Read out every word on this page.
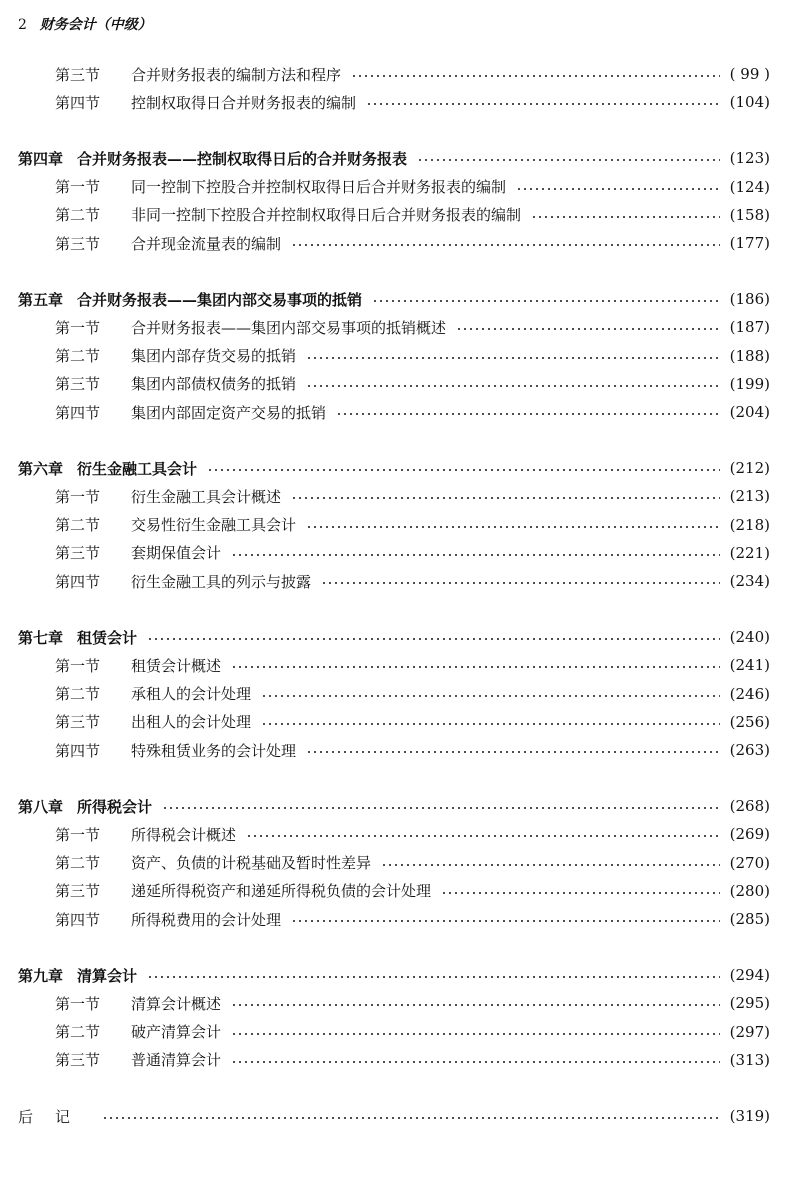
2 财务会计（中级）
第三节	合并财务报表的编制方法和程序	( 99 )
第四节	控制权取得日合并财务报表的编制	(104)
第四章 合并财务报表——控制权取得日后的合并财务报表	(123)
第一节	同一控制下控股合并控制权取得日后合并财务报表的编制	(124)
第二节	非同一控制下控股合并控制权取得日后合并财务报表的编制	(158)
第三节	合并现金流量表的编制	(177)
第五章 合并财务报表——集团内部交易事项的抵销	(186)
第一节	合并财务报表——集团内部交易事项的抵销概述	(187)
第二节	集团内部存货交易的抵销	(188)
第三节	集团内部债权债务的抵销	(199)
第四节	集团内部固定资产交易的抵销	(204)
第六章 衍生金融工具会计	(212)
第一节	衍生金融工具会计概述	(213)
第二节	交易性衍生金融工具会计	(218)
第三节	套期保值会计	(221)
第四节	衍生金融工具的列示与披露	(234)
第七章 租赁会计	(240)
第一节	租赁会计概述	(241)
第二节	承租人的会计处理	(246)
第三节	出租人的会计处理	(256)
第四节	特殊租赁业务的会计处理	(263)
第八章 所得税会计	(268)
第一节	所得税会计概述	(269)
第二节	资产、负债的计税基础及暂时性差异	(270)
第三节	递延所得税资产和递延所得税负债的会计处理	(280)
第四节	所得税费用的会计处理	(285)
第九章 清算会计	(294)
第一节	清算会计概述	(295)
第二节	破产清算会计	(297)
第三节	普通清算会计	(313)
后记	(319)
